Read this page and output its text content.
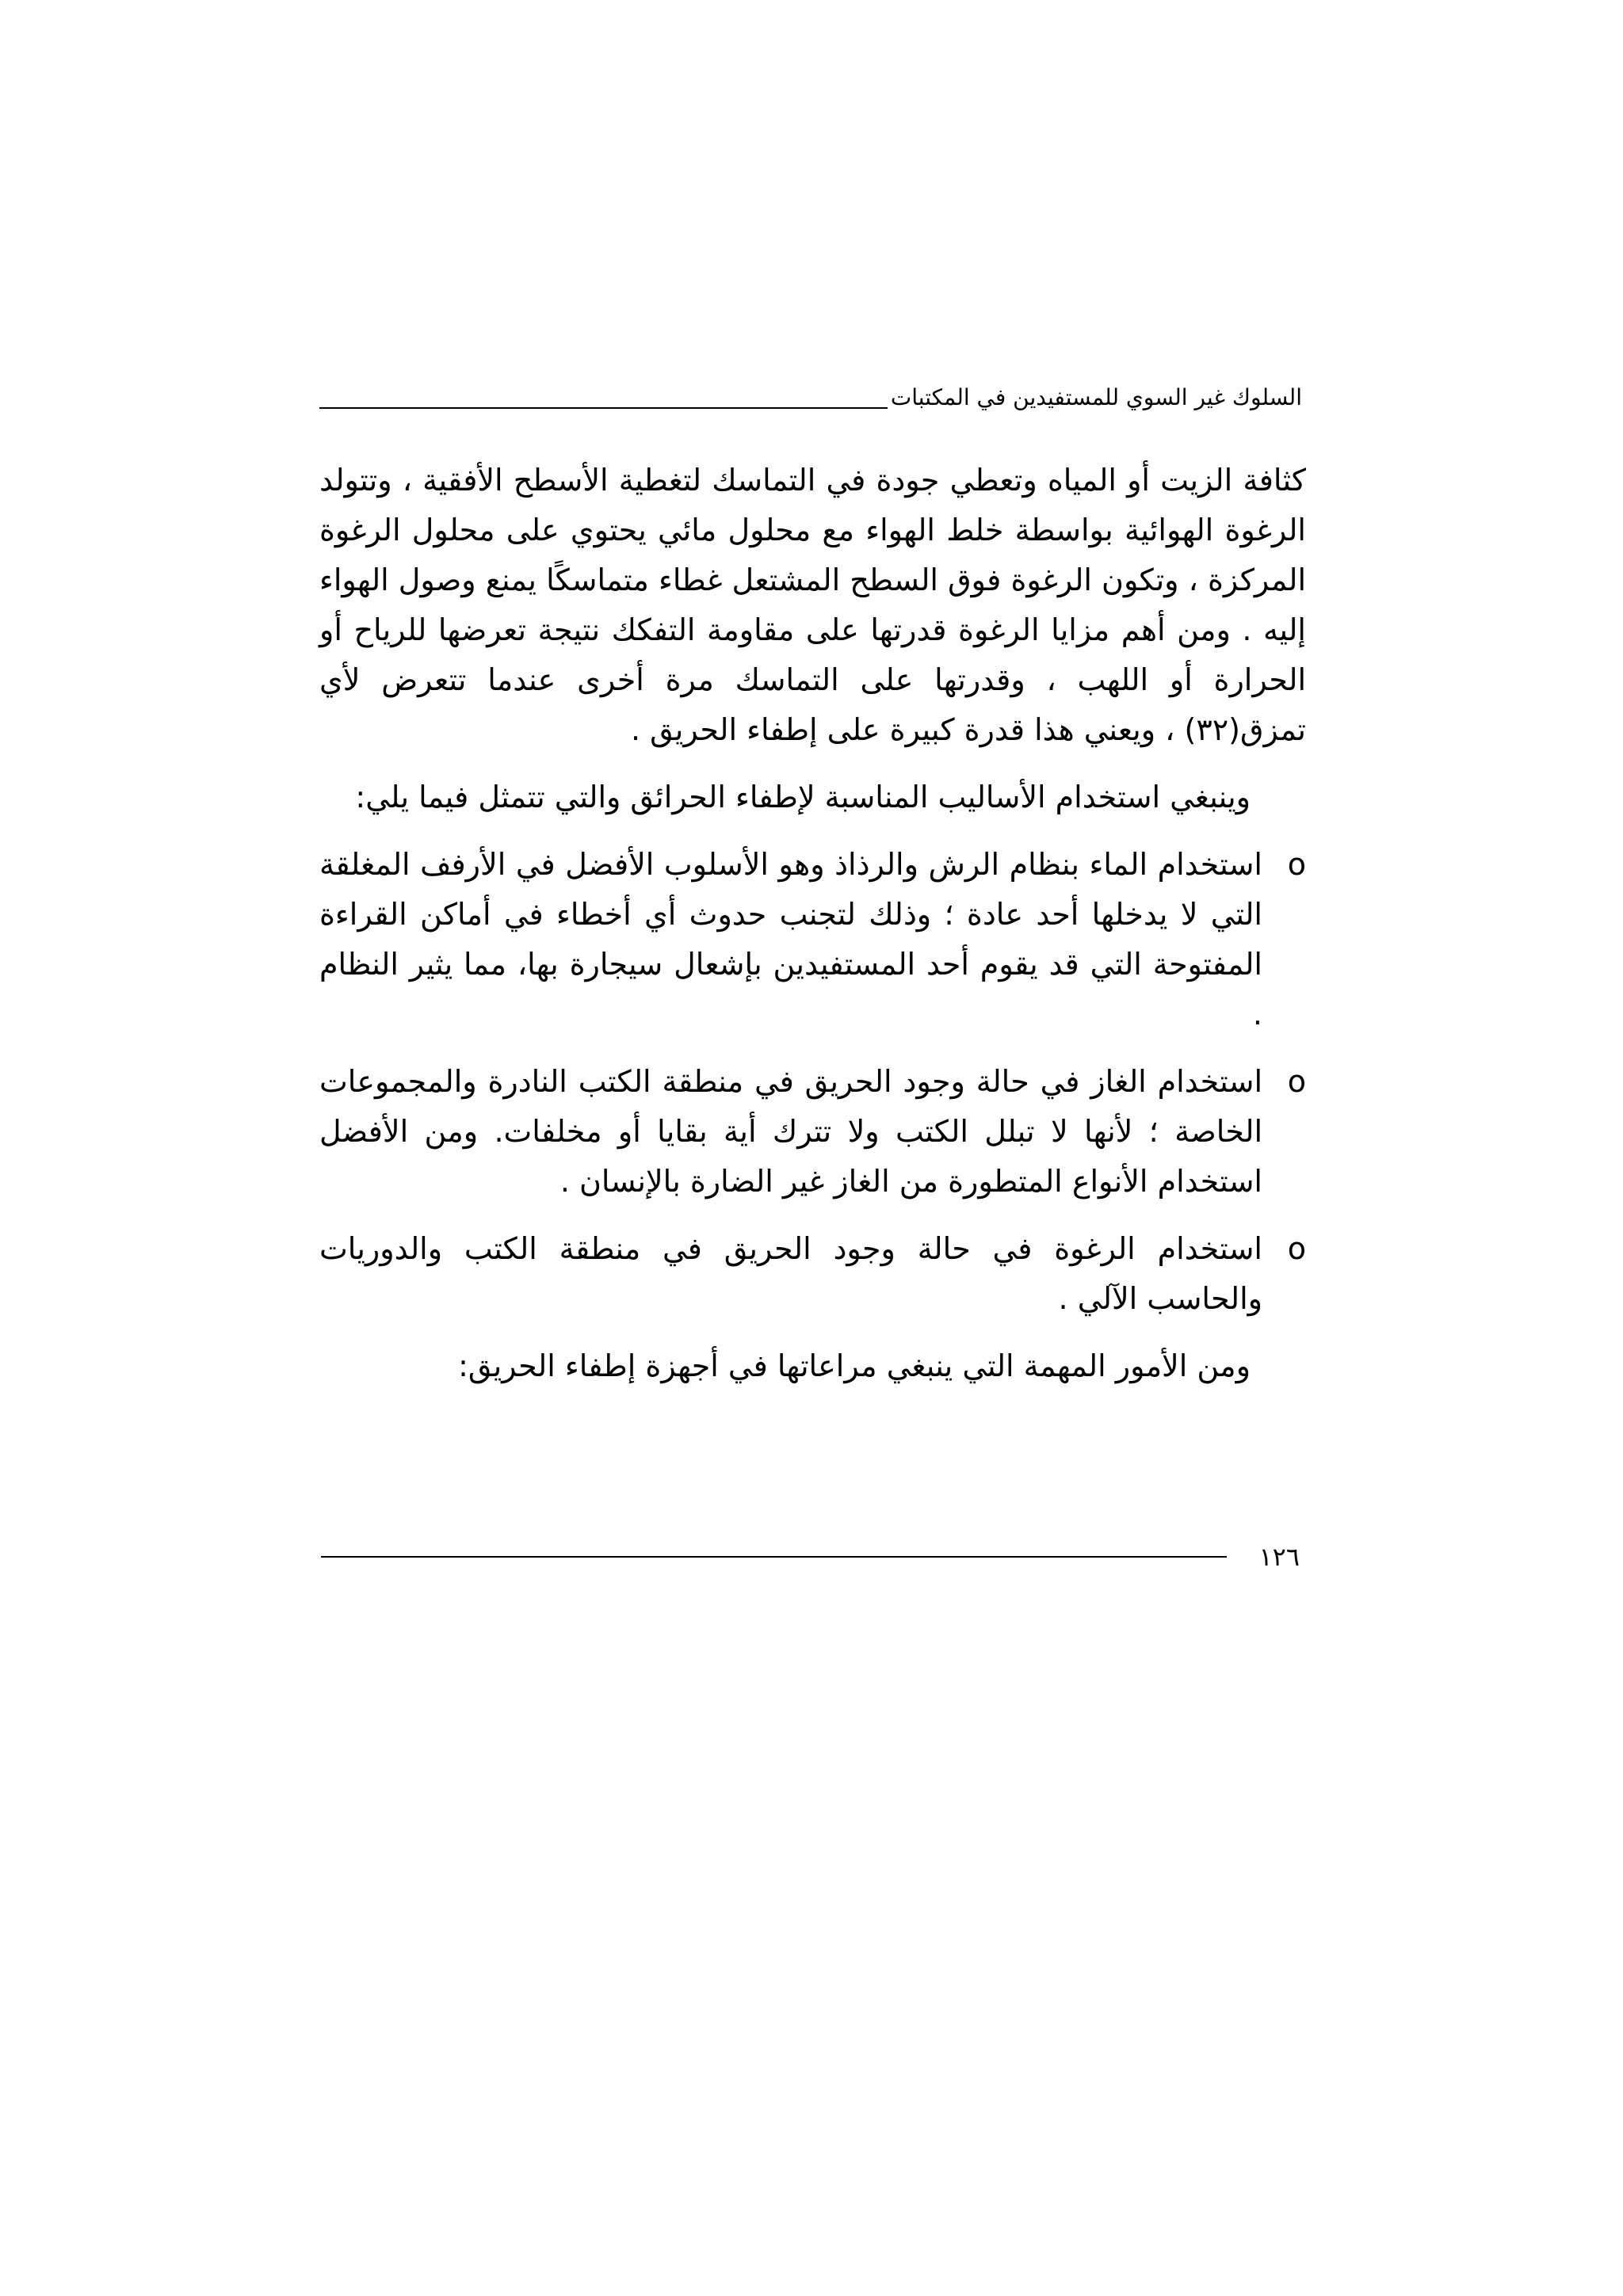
السلوك غير السوي للمستفيدين في المكتبات

كثافة الزيت أو المياه وتعطي جودة في التماسك لتغطية الأسطح الأفقية ، وتتولد الرغوة الهوائية بواسطة خلط الهواء مع محلول مائي يحتوي على محلول الرغوة المركزة ، وتكون الرغوة فوق السطح المشتعل غطاء متماسكًا يمنع وصول الهواء إليه . ومن أهم مزايا الرغوة قدرتها على مقاومة التفكك نتيجة تعرضها للرياح أو الحرارة أو اللهب ، وقدرتها على التماسك مرة أخرى عندما تتعرض لأي تمزق(٣٢) ، ويعني هذا قدرة كبيرة على إطفاء الحريق .

وينبغي استخدام الأساليب المناسبة لإطفاء الحرائق والتي تتمثل فيما يلي:

o
استخدام الماء بنظام الرش والرذاذ وهو الأسلوب الأفضل في الأرفف المغلقة التي لا يدخلها أحد عادة ؛ وذلك لتجنب حدوث أي أخطاء في أماكن القراءة المفتوحة التي قد يقوم أحد المستفيدين بإشعال سيجارة بها، مما يثير النظام .
o
استخدام الغاز في حالة وجود الحريق في منطقة الكتب النادرة والمجموعات الخاصة ؛ لأنها لا تبلل الكتب ولا تترك أية بقايا أو مخلفات. ومن الأفضل استخدام الأنواع المتطورة من الغاز غير الضارة بالإنسان .
o
استخدام الرغوة في حالة وجود الحريق في منطقة الكتب والدوريات والحاسب الآلي .

ومن الأمور المهمة التي ينبغي مراعاتها في أجهزة إطفاء الحريق:

١٢٦
